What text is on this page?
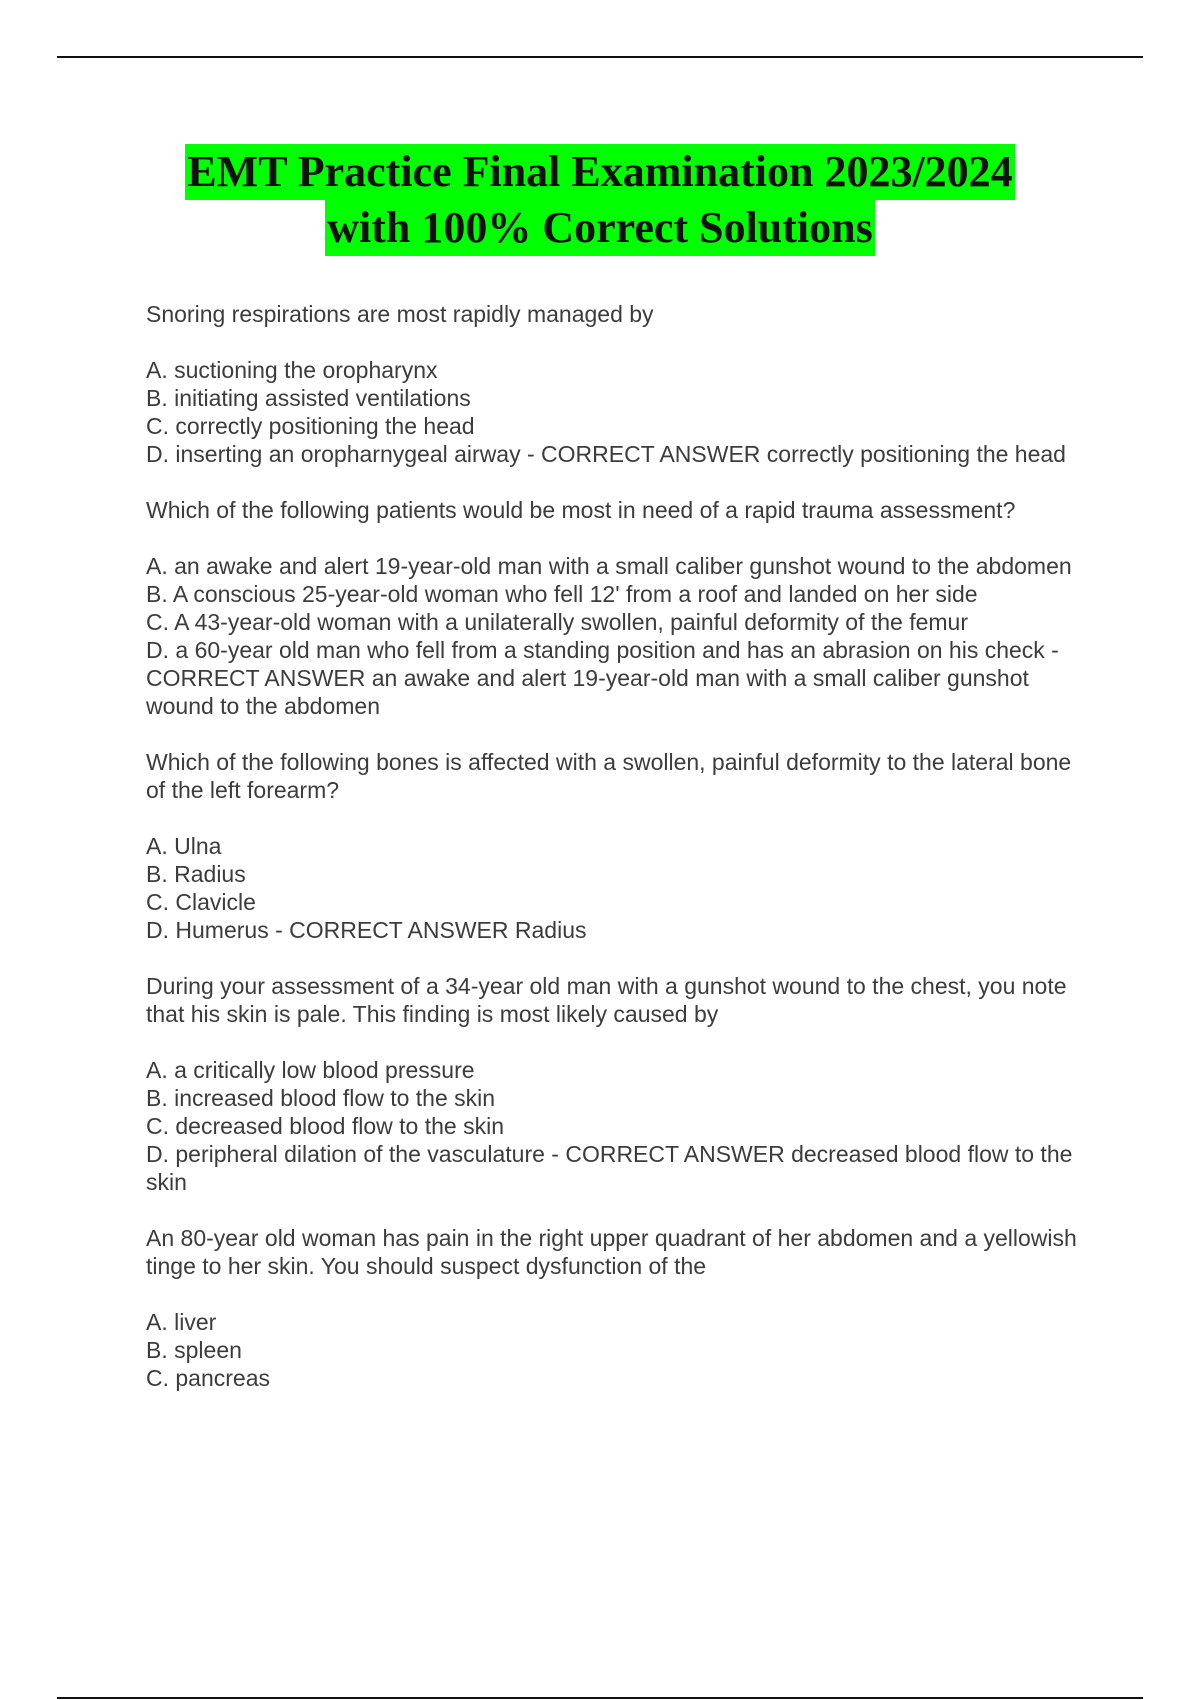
EMT Practice Final Examination 2023/2024
with 100% Correct Solutions
Snoring respirations are most rapidly managed by
A. suctioning the oropharynx
B. initiating assisted ventilations
C. correctly positioning the head
D. inserting an oropharnygeal airway - CORRECT ANSWER correctly positioning the head
Which of the following patients would be most in need of a rapid trauma assessment?
A. an awake and alert 19-year-old man with a small caliber gunshot wound to the abdomen
B. A conscious 25-year-old woman who fell 12' from a roof and landed on her side
C. A 43-year-old woman with a unilaterally swollen, painful deformity of the femur
D. a 60-year old man who fell from a standing position and has an abrasion on his check - CORRECT ANSWER an awake and alert 19-year-old man with a small caliber gunshot wound to the abdomen
Which of the following bones is affected with a swollen, painful deformity to the lateral bone of the left forearm?
A. Ulna
B. Radius
C. Clavicle
D. Humerus - CORRECT ANSWER Radius
During your assessment of a 34-year old man with a gunshot wound to the chest, you note that his skin is pale. This finding is most likely caused by
A. a critically low blood pressure
B. increased blood flow to the skin
C. decreased blood flow to the skin
D. peripheral dilation of the vasculature - CORRECT ANSWER decreased blood flow to the skin
An 80-year old woman has pain in the right upper quadrant of her abdomen and a yellowish tinge to her skin. You should suspect dysfunction of the
A. liver
B. spleen
C. pancreas
